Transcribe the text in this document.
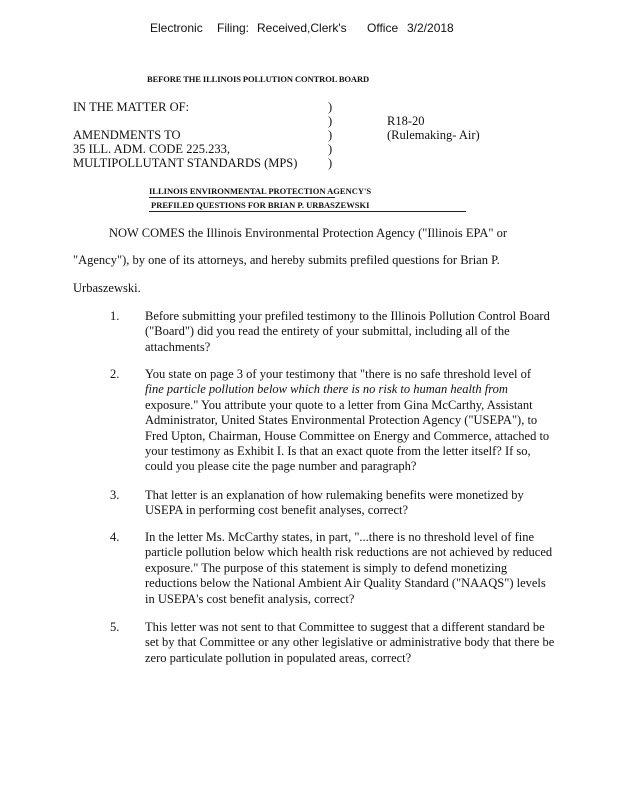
Electronic Filing: Received,Clerk's Office 3/2/2018
BEFORE THE ILLINOIS POLLUTION CONTROL BOARD
IN THE MATTER OF:
AMENDMENTS TO
35 ILL. ADM. CODE 225.233,
MULTIPOLLUTANT STANDARDS (MPS)
)
)
)
)
)
R18-20
(Rulemaking- Air)
ILLINOIS ENVIRONMENTAL PROTECTION AGENCY'S
PREFILED QUESTIONS FOR BRIAN P. URBASZEWSKI
NOW COMES the Illinois Environmental Protection Agency ("Illinois EPA" or
"Agency"), by one of its attorneys, and hereby submits prefiled questions for Brian P.
Urbaszewski.
1. Before submitting your prefiled testimony to the Illinois Pollution Control Board
("Board") did you read the entirety of your submittal, including all of the
attachments?
2. You state on page 3 of your testimony that "there is no safe threshold level of
fine particle pollution below which there is no risk to human health from
exposure." You attribute your quote to a letter from Gina McCarthy, Assistant
Administrator, United States Environmental Protection Agency ("USEPA"), to
Fred Upton, Chairman, House Committee on Energy and Commerce, attached to
your testimony as Exhibit I. Is that an exact quote from the letter itself? If so,
could you please cite the page number and paragraph?
3. That letter is an explanation of how rulemaking benefits were monetized by
USEPA in performing cost benefit analyses, correct?
4. In the letter Ms. McCarthy states, in part, "...there is no threshold level of fine
particle pollution below which health risk reductions are not achieved by reduced
exposure." The purpose of this statement is simply to defend monetizing
reductions below the National Ambient Air Quality Standard ("NAAQS") levels
in USEPA's cost benefit analysis, correct?
5. This letter was not sent to that Committee to suggest that a different standard be
set by that Committee or any other legislative or administrative body that there be
zero particulate pollution in populated areas, correct?
